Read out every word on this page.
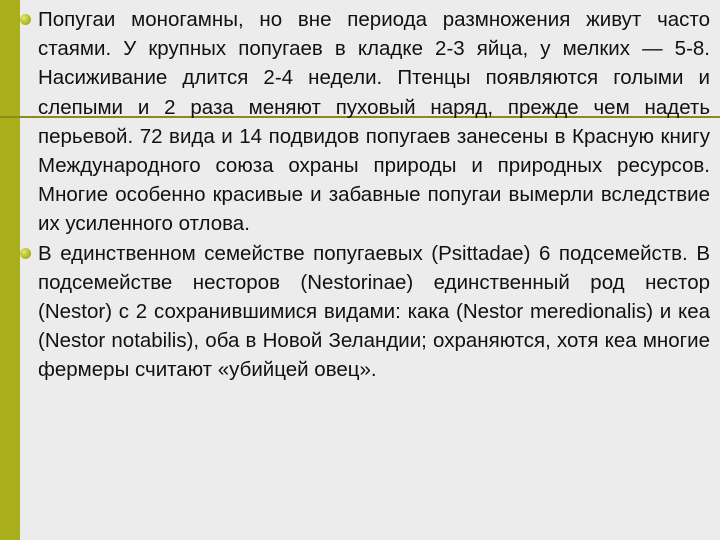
Попугаи моногамны, но вне периода размножения живут часто стаями. У крупных попугаев в кладке 2-3 яйца, у мелких — 5-8. Насиживание длится 2-4 недели. Птенцы появляются голыми и слепыми и 2 раза меняют пуховый наряд, прежде чем надеть перьевой. 72 вида и 14 подвидов попугаев занесены в Красную книгу Международного союза охраны природы и природных ресурсов. Многие особенно красивые и забавные попугаи вымерли вследствие их усиленного отлова.
В единственном семействе попугаевых (Psittadae) 6 подсемейств. В подсемействе несторов (Nestorinae) единственный род нестор (Nestor) с 2 сохранившимися видами: кака (Nestor meredionalis) и кеа (Nestor notabilis), оба в Новой Зеландии; охраняются, хотя кеа многие фермеры считают «убийцей овец».
